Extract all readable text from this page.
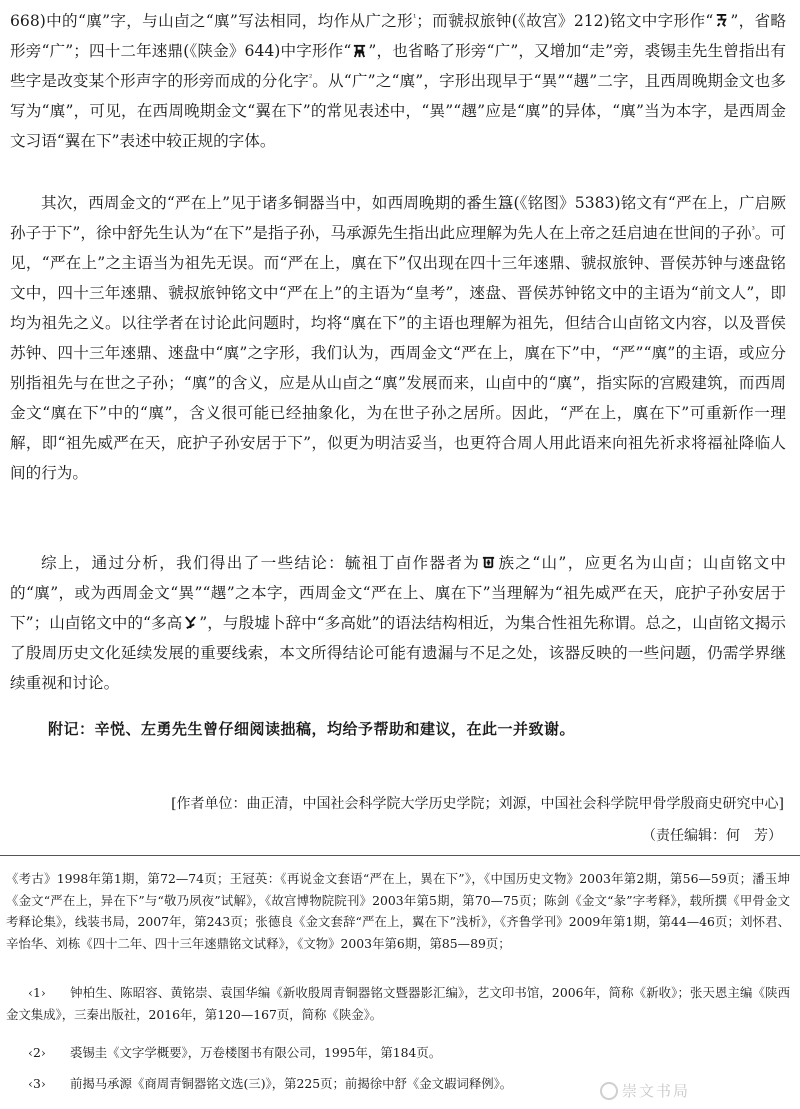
668)中的“廙”字，与山卣之“廙”写法相同，均作从广之形$^{^1}$；而虢叔旅钟(《故宫》212)铭文中字形作“ ”，省略形旁“广”；四十二年逨鼎(《陕金》644)中字形作“ ”，也省略了形旁“广”，又增加“走”旁，裘锡圭先生曾指出有些字是改变某个形声字的形旁而成的分化字$^{^2}$。从“广”之“廙”，字形出现早于“異”“趩”二字，且西周晚期金文也多写为“廙”，可见，在西周晚期金文“翼在下”的常见表述中，“異”“趩”应是“廙”的异体，“廙”当为本字，是西周金文习语“翼在下”表述中较正规的字体。

其次，西周金文的“严在上”见于诸多铜器当中，如西周晚期的番生簋(《铭图》5383)铭文有“严在上，广启厥孙子于下”，徐中舒先生认为“在下”是指子孙，马承源先生指出此应理解为先人在上帝之廷启迪在世间的子孙$^{^3}$。可见，“严在上”之主语当为祖先无误。而“严在上，廙在下”仅出现在四十三年逨鼎、虢叔旅钟、晋侯苏钟与逨盘铭文中，四十三年逨鼎、虢叔旅钟铭文中“严在上”的主语为“皇考”，逨盘、晋侯苏钟铭文中的主语为“前文人”，即均为祖先之义。以往学者在讨论此问题时，均将“廙在下”的主语也理解为祖先，但结合山卣铭文内容，以及晋侯苏钟、四十三年逨鼎、逨盘中“廙”之字形，我们认为，西周金文“严在上，廙在下”中，“严”“廙”的主语，或应分别指祖先与在世之子孙；“廙”的含义，应是从山卣之“廙”发展而来，山卣中的“廙”，指实际的宫殿建筑，而西周金文“廙在下”中的“廙”，含义很可能已经抽象化，为在世子孙之居所。因此，“严在上，廙在下”可重新作一理解，即“祖先威严在天，庇护子孙安居于下”，似更为明洁妥当，也更符合周人用此语来向祖先祈求将福祉降临人间的行为。

综上，通过分析，我们得出了一些结论：毓祖丁卣作器者为 族之“山”，应更名为山卣；山卣铭文中的“廙”，或为西周金文“異”“趩”之本字，西周金文“严在上、廙在下”当理解为“祖先威严在天，庇护子孙安居于下”；山卣铭文中的“多高 ”，与殷墟卜辞中“多高妣”的语法结构相近，为集合性祖先称谓。总之，山卣铭文揭示了殷周历史文化延续发展的重要线索，本文所得结论可能有遗漏与不足之处，该器反映的一些问题，仍需学界继续重视和讨论。

附记：辛悦、左勇先生曾仔细阅读拙稿，均给予帮助和建议，在此一并致谢。

[作者单位：曲正清，中国社会科学院大学历史学院；刘源，中国社会科学院甲骨学殷商史研究中心]

（责任编辑：何　芳）

《考古》1998年第1期，第72—74页；王冠英：《再说金文套语“严在上，異在下”》，《中国历史文物》2003年第2期，第56—59页；潘玉坤《金文“严在上，异在下”与“敬乃夙夜”试解》，《故宫博物院院刊》2003年第5期，第70—75页；陈剑《金文“彖”字考释》，载所撰《甲骨金文考释论集》，线装书局，2007年，第243页；张德良《金文套辞“严在上，翼在下”浅析》，《齐鲁学刊》2009年第1期，第44—46页；刘怀君、辛怡华、刘栋《四十二年、四十三年逨鼎铭文试释》，《文物》2003年第6期，第85—89页；

‹1› 钟柏生、陈昭容、黄铭崇、袁国华编《新收殷周青铜器铭文暨器影汇编》，艺文印书馆，2006年，简称《新收》；张天恩主编《陕西金文集成》，三秦出版社，2016年，第120—167页，简称《陕金》。

‹2› 裘锡圭《文字学概要》，万卷楼图书有限公司，1995年，第184页。

‹3› 前揭马承源《商周青铜器铭文选(三)》，第225页；前揭徐中舒《金文嘏词释例》。	崇文书局
